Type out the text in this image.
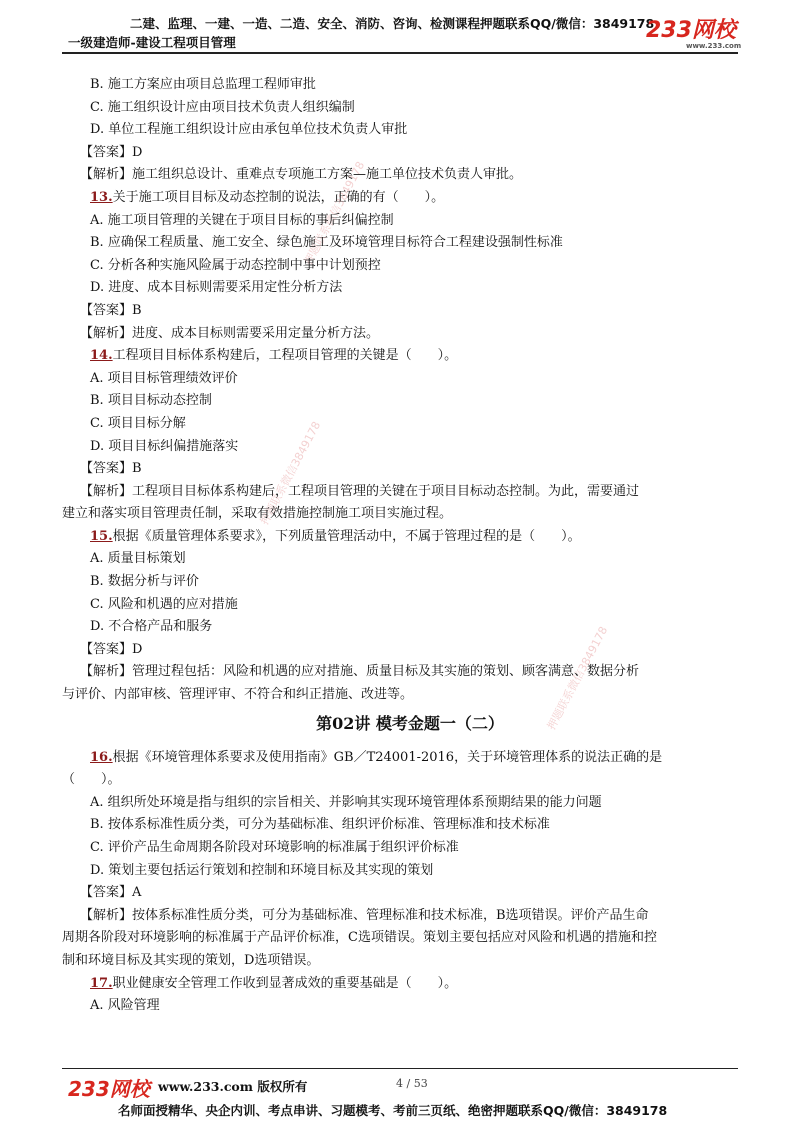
二建、监理、一建、一造、二造、安全、消防、咨询、检测课程押题联系QQ/微信：3849178
一级建造师-建设工程项目管理	233网校
www.233.com
押题联系微信3849178
押题联系微信3849178
押题联系微信3849178
B. 施工方案应由项目总监理工程师审批
C. 施工组织设计应由项目技术负责人组织编制
D. 单位工程施工组织设计应由承包单位技术负责人审批
【答案】D
【解析】施工组织总设计、重难点专项施工方案—施工单位技术负责人审批。
13.关于施工项目目标及动态控制的说法，正确的有（　　）。
A. 施工项目管理的关键在于项目目标的事后纠偏控制
B. 应确保工程质量、施工安全、绿色施工及环境管理目标符合工程建设强制性标准
C. 分析各种实施风险属于动态控制中事中计划预控
D. 进度、成本目标则需要采用定性分析方法
【答案】B
【解析】进度、成本目标则需要采用定量分析方法。
14.工程项目目标体系构建后，工程项目管理的关键是（　　）。
A. 项目目标管理绩效评价
B. 项目目标动态控制
C. 项目目标分解
D. 项目目标纠偏措施落实
【答案】B
【解析】工程项目目标体系构建后，工程项目管理的关键在于项目目标动态控制。为此，需要通过
建立和落实项目管理责任制，采取有效措施控制施工项目实施过程。
15.根据《质量管理体系要求》，下列质量管理活动中，不属于管理过程的是（　　）。
A. 质量目标策划
B. 数据分析与评价
C. 风险和机遇的应对措施
D. 不合格产品和服务
【答案】D
【解析】管理过程包括：风险和机遇的应对措施、质量目标及其实施的策划、顾客满意、数据分析
与评价、内部审核、管理评审、不符合和纠正措施、改进等。
第02讲 模考金题一（二）
16.根据《环境管理体系要求及使用指南》GB／T24001-2016，关于环境管理体系的说法正确的是
（　　）。
A. 组织所处环境是指与组织的宗旨相关、并影响其实现环境管理体系预期结果的能力问题
B. 按体系标准性质分类，可分为基础标准、组织评价标准、管理标准和技术标准
C. 评价产品生命周期各阶段对环境影响的标准属于组织评价标准
D. 策划主要包括运行策划和控制和环境目标及其实现的策划
【答案】A
【解析】按体系标准性质分类，可分为基础标准、管理标准和技术标准，B选项错误。评价产品生命
周期各阶段对环境影响的标准属于产品评价标准，C选项错误。策划主要包括应对风险和机遇的措施和控
制和环境目标及其实现的策划，D选项错误。
17.职业健康安全管理工作收到显著成效的重要基础是（　　）。
A. 风险管理
233网校 www.233.com 版权所有	4 / 53
名师面授精华、央企内训、考点串讲、习题模考、考前三页纸、绝密押题联系QQ/微信：3849178
